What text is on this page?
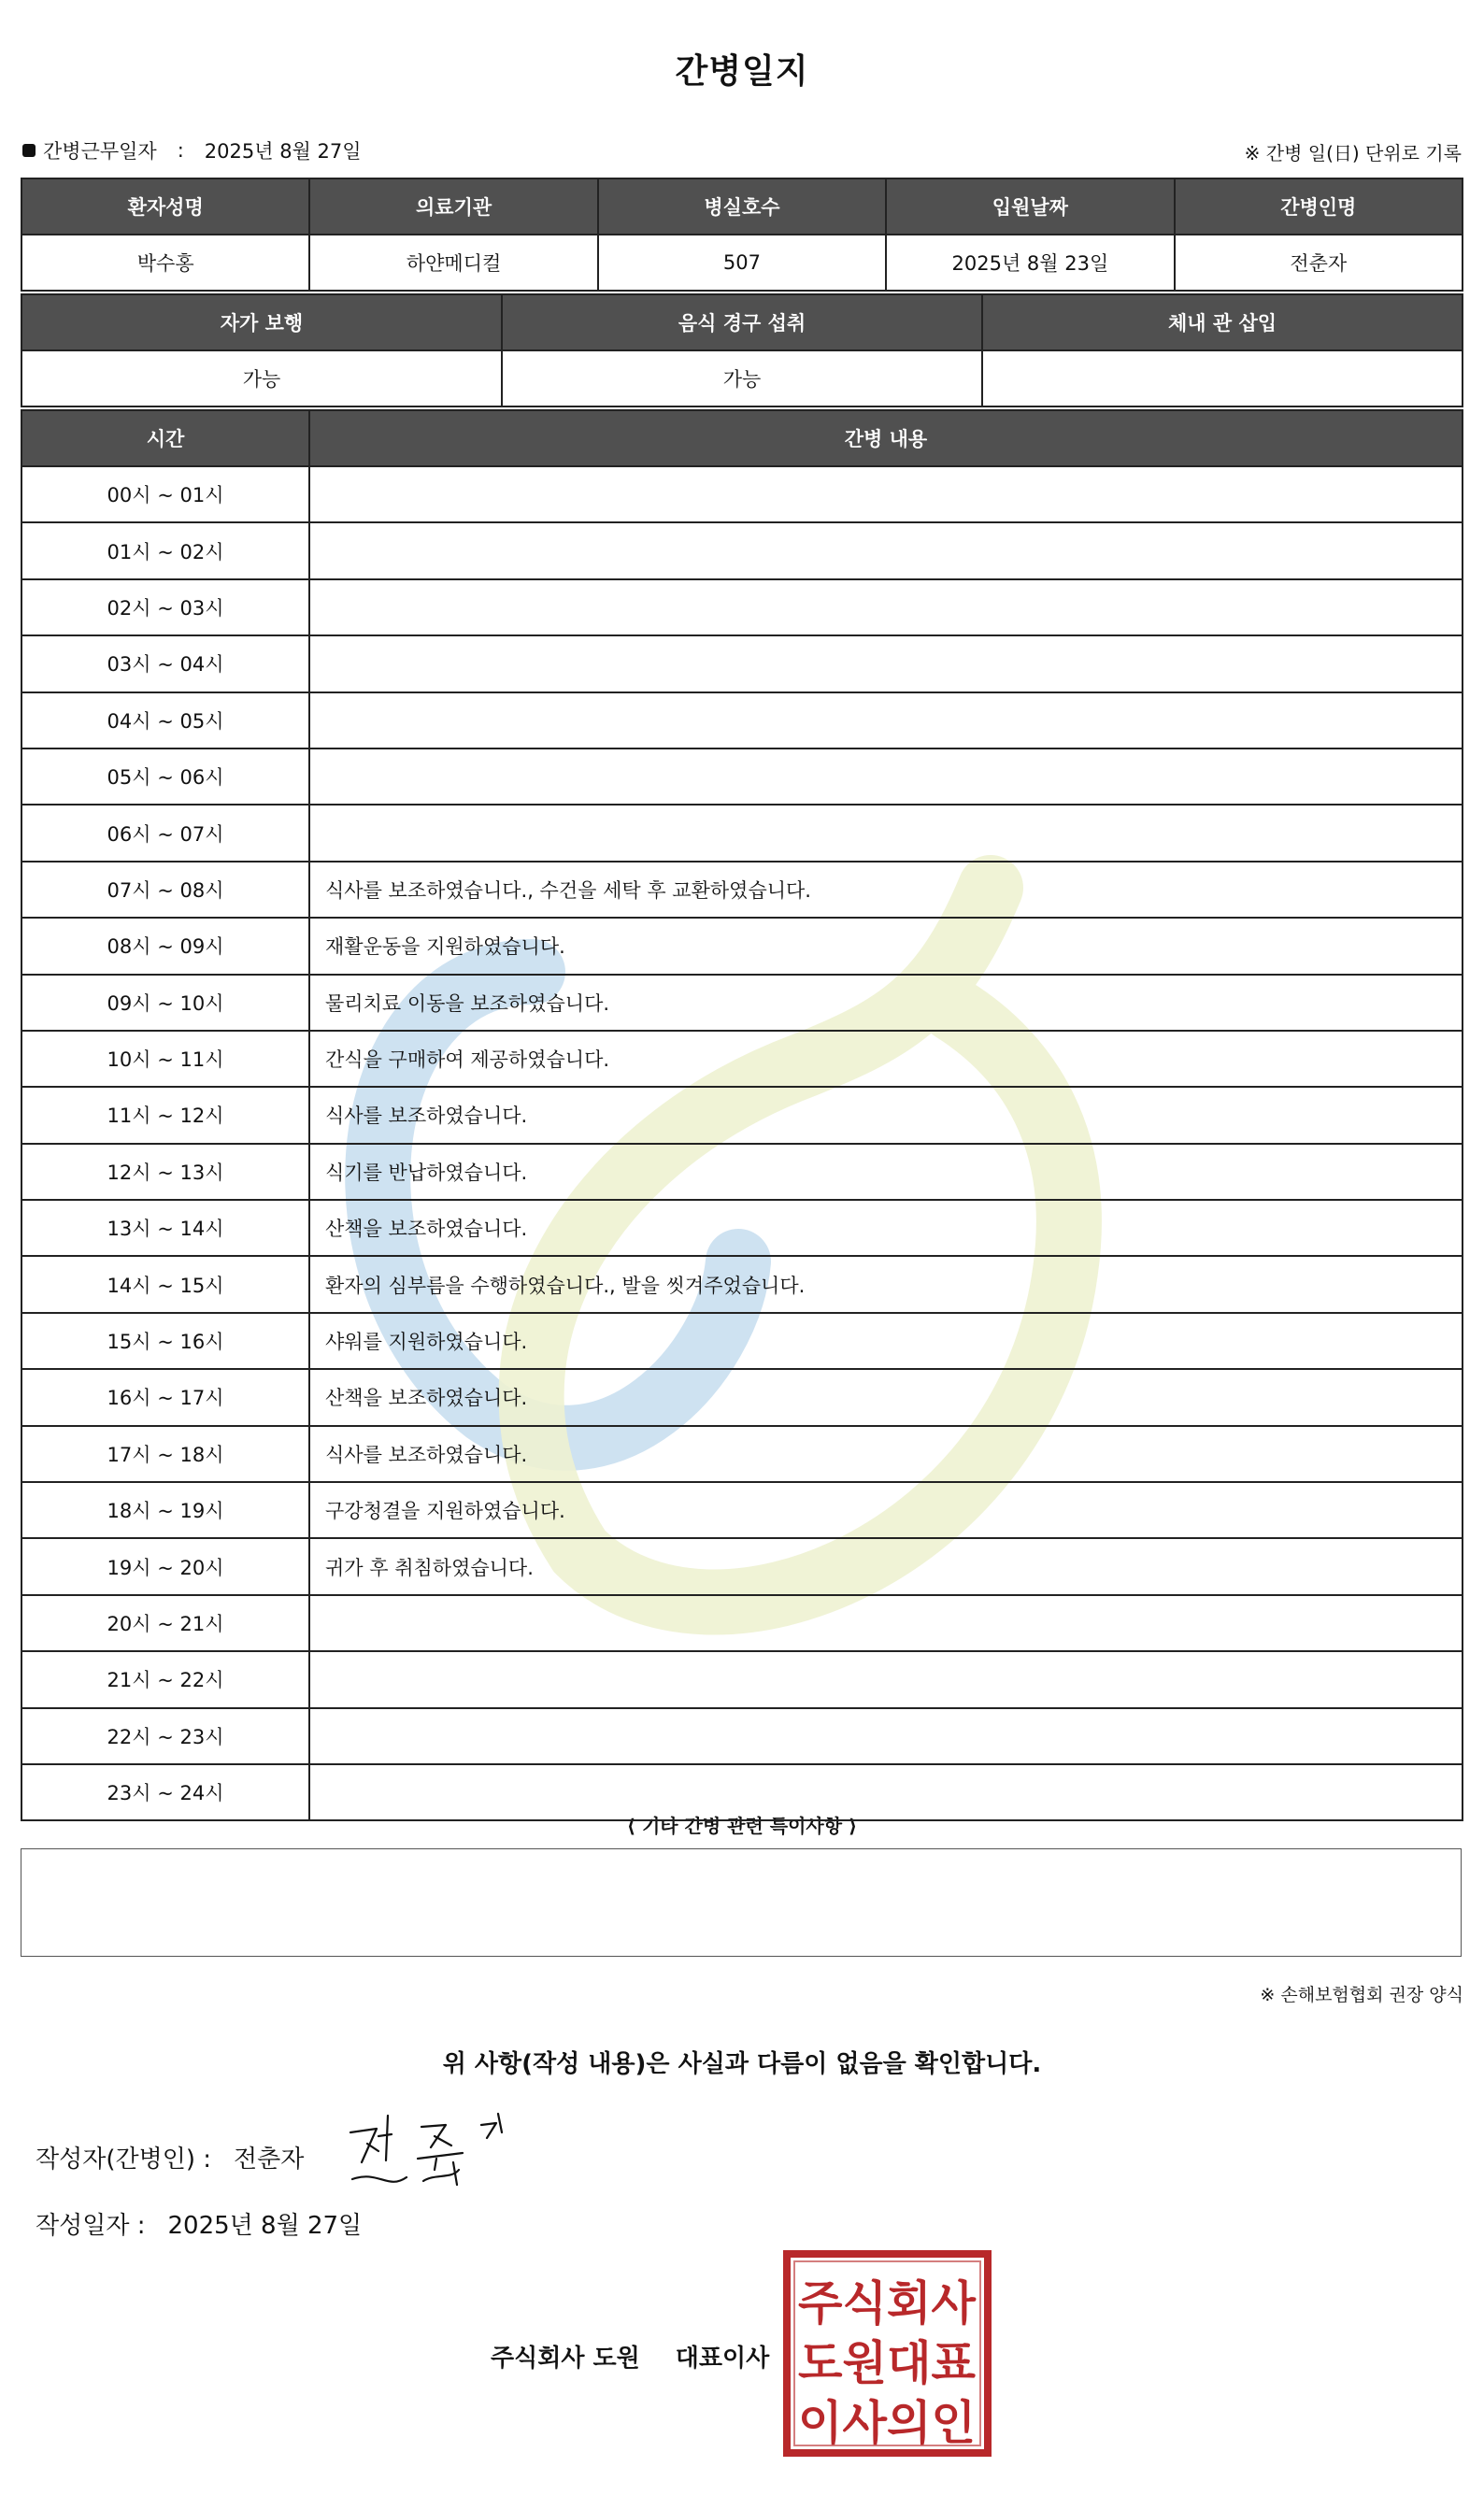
간병일지
간병근무일자 : 2025년 8월 27일	※ 간병 일(日) 단위로 기록
환자성명	의료기관	병실호수	입원날짜	간병인명
박수홍	하얀메디컬	507	2025년 8월 23일	전춘자
자가 보행	음식 경구 섭취	체내 관 삽입
가능	가능	
시간	간병 내용
00시 ~ 01시	
01시 ~ 02시	
02시 ~ 03시	
03시 ~ 04시	
04시 ~ 05시	
05시 ~ 06시	
06시 ~ 07시	
07시 ~ 08시	식사를 보조하였습니다., 수건을 세탁 후 교환하였습니다.
08시 ~ 09시	재활운동을 지원하였습니다.
09시 ~ 10시	물리치료 이동을 보조하였습니다.
10시 ~ 11시	간식을 구매하여 제공하였습니다.
11시 ~ 12시	식사를 보조하였습니다.
12시 ~ 13시	식기를 반납하였습니다.
13시 ~ 14시	산책을 보조하였습니다.
14시 ~ 15시	환자의 심부름을 수행하였습니다., 발을 씻겨주었습니다.
15시 ~ 16시	샤워를 지원하였습니다.
16시 ~ 17시	산책을 보조하였습니다.
17시 ~ 18시	식사를 보조하였습니다.
18시 ~ 19시	구강청결을 지원하였습니다.
19시 ~ 20시	귀가 후 취침하였습니다.
20시 ~ 21시	
21시 ~ 22시	
22시 ~ 23시	
23시 ~ 24시	
⟨ 기타 간병 관련 특이사항 ⟩
※ 손해보험협회 권장 양식
위 사항(작성 내용)은 사실과 다름이 없음을 확인합니다.
작성자(간병인) : 전춘자
작성일자 : 2025년 8월 27일
주식회사 도원 대표이사
주식회사
도원대표
이사의인
